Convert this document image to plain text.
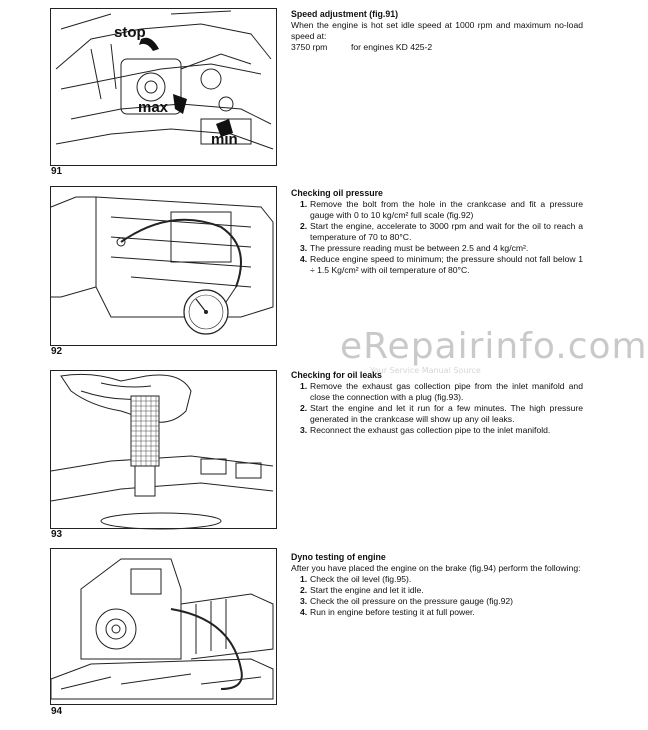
stop
max
min
91
Speed adjustment (fig.91)

When the engine is hot set idle speed at 1000 rpm and maximum no-load speed at:

3750 rpm	for engines KD 425-2
92
Checking oil pressure
1. Remove the bolt from the hole in the crankcase and fit a pressure gauge with 0 to 10 kg/cm² full scale (fig.92)
2. Start the engine, accelerate to 3000 rpm and wait for the oil to reach a temperature of 70 to 80°C.
3. The pressure reading must be between 2.5 and 4 kg/cm².
4. Reduce engine speed to minimum; the pressure should not fall below 1 ÷ 1.5 Kg/cm² with oil temperature of 80°C.
eRepairinfo.com
Your Service Manual Source
93
Checking for oil leaks
1. Remove the exhaust gas collection pipe from the inlet manifold and close the connection with a plug (fig.93).
2. Start the engine and let it run for a few minutes. The high pressure generated in the crankcase will show up any oil leaks.
3. Reconnect the exhaust gas collection pipe to the inlet manifold.
94
Dyno testing of engine

After you have placed the engine on the brake (fig.94) perform the following:

1. Check the oil level (fig.95).
2. Start the engine and let it idle.
3. Check the oil pressure on the pressure gauge (fig.92)
4. Run in engine before testing it at full power.
